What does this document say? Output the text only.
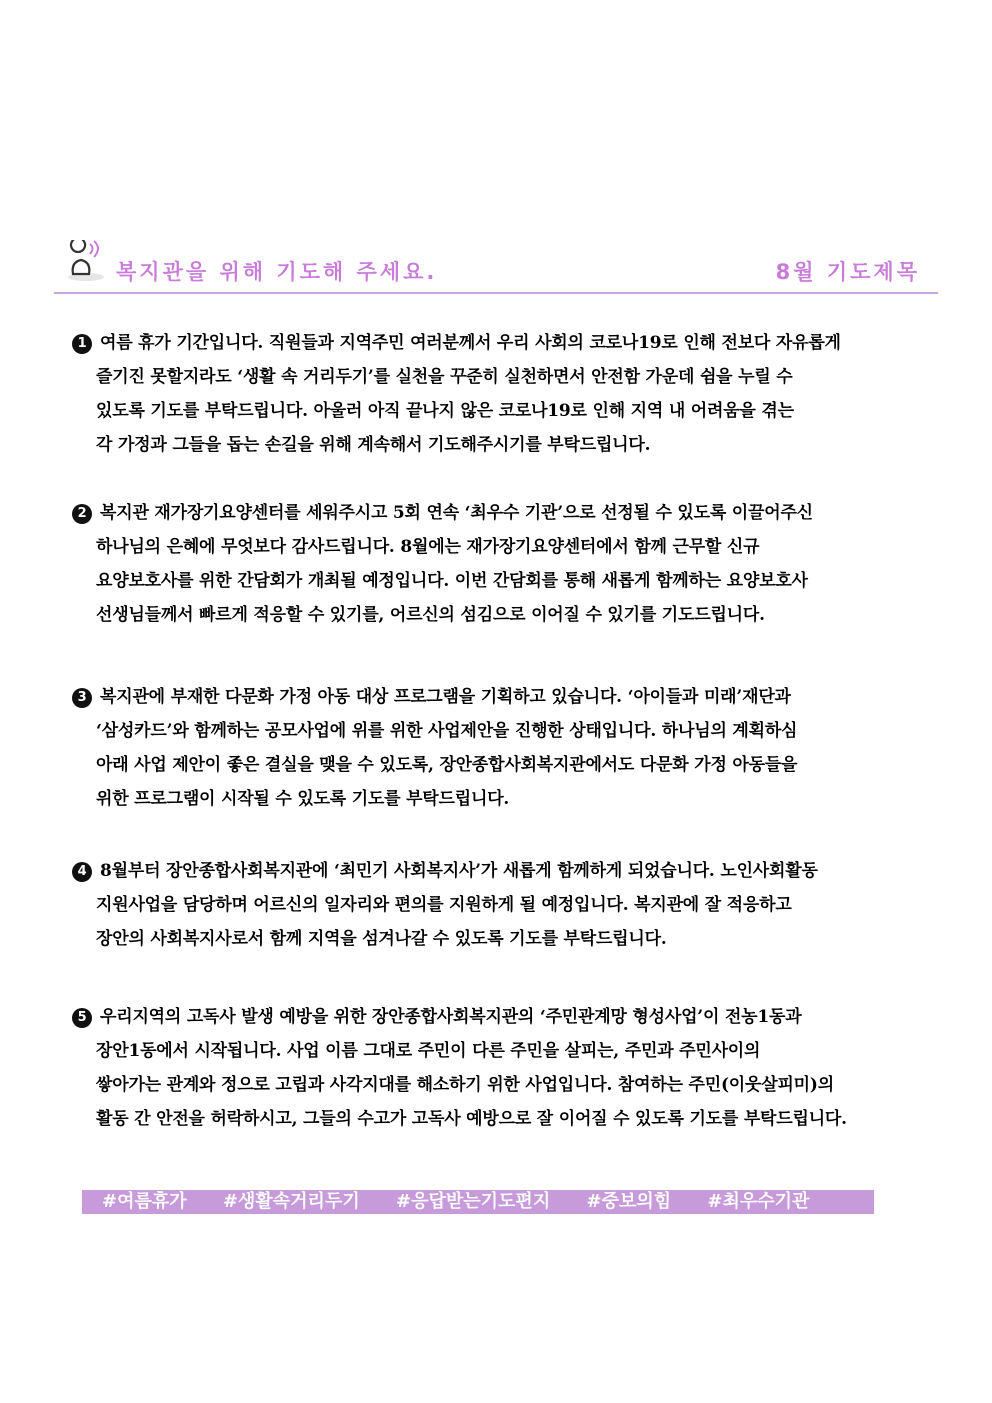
복지관을 위해 기도해 주세요.	8월 기도제목
1 여름 휴가 기간입니다. 직원들과 지역주민 여러분께서 우리 사회의 코로나19로 인해 전보다 자유롭게
즐기진 못할지라도 ‘생활 속 거리두기’를 실천을 꾸준히 실천하면서 안전함 가운데 쉼을 누릴 수
있도록 기도를 부탁드립니다. 아울러 아직 끝나지 않은 코로나19로 인해 지역 내 어려움을 겪는
각 가정과 그들을 돕는 손길을 위해 계속해서 기도해주시기를 부탁드립니다.
2 복지관 재가장기요양센터를 세워주시고 5회 연속 ‘최우수 기관’으로 선정될 수 있도록 이끌어주신
하나님의 은혜에 무엇보다 감사드립니다. 8월에는 재가장기요양센터에서 함께 근무할 신규
요양보호사를 위한 간담회가 개최될 예정입니다. 이번 간담회를 통해 새롭게 함께하는 요양보호사
선생님들께서 빠르게 적응할 수 있기를, 어르신의 섬김으로 이어질 수 있기를 기도드립니다.
3 복지관에 부재한 다문화 가정 아동 대상 프로그램을 기획하고 있습니다. ‘아이들과 미래’재단과
‘삼성카드’와 함께하는 공모사업에 위를 위한 사업제안을 진행한 상태입니다. 하나님의 계획하심
아래 사업 제안이 좋은 결실을 맺을 수 있도록, 장안종합사회복지관에서도 다문화 가정 아동들을
위한 프로그램이 시작될 수 있도록 기도를 부탁드립니다.
4 8월부터 장안종합사회복지관에 ‘최민기 사회복지사’가 새롭게 함께하게 되었습니다. 노인사회활동
지원사업을 담당하며 어르신의 일자리와 편의를 지원하게 될 예정입니다. 복지관에 잘 적응하고
장안의 사회복지사로서 함께 지역을 섬겨나갈 수 있도록 기도를 부탁드립니다.
5 우리지역의 고독사 발생 예방을 위한 장안종합사회복지관의 ‘주민관계망 형성사업’이 전농1동과
장안1동에서 시작됩니다. 사업 이름 그대로 주민이 다른 주민을 살피는, 주민과 주민사이의
쌓아가는 관계와 정으로 고립과 사각지대를 해소하기 위한 사업입니다. 참여하는 주민(이웃살피미)의
활동 간 안전을 허락하시고, 그들의 수고가 고독사 예방으로 잘 이어질 수 있도록 기도를 부탁드립니다.
#여름휴가 #생활속거리두기 #응답받는기도편지 #중보의힘 #최우수기관
